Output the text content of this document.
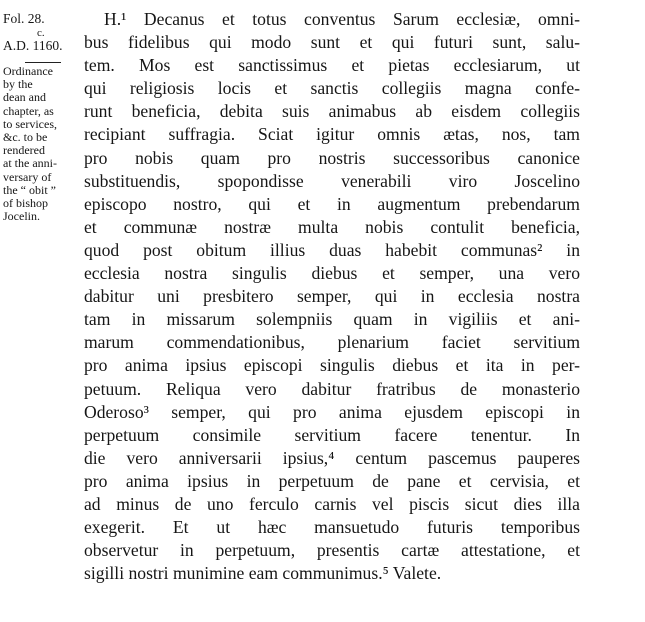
Fol. 28.

c.

A.D. 1160.

Ordinance

by the

dean and

chapter, as

to services,

&c. to be

rendered

at the anni-

versary of

the “ obit ”

of bishop

Jocelin.

H.¹ Decanus et totus conventus Sarum ecclesiæ, omni-

bus fidelibus qui modo sunt et qui futuri sunt, salu-

tem. Mos est sanctissimus et pietas ecclesiarum, ut

qui religiosis locis et sanctis collegiis magna confe-

runt beneficia, debita suis animabus ab eisdem collegiis

recipiant suffragia. Sciat igitur omnis ætas, nos, tam

pro nobis quam pro nostris successoribus canonice

substituendis, spopondisse venerabili viro Joscelino

episcopo nostro, qui et in augmentum prebendarum

et communæ nostræ multa nobis contulit beneficia,

quod post obitum illius duas habebit communas² in

ecclesia nostra singulis diebus et semper, una vero

dabitur uni presbitero semper, qui in ecclesia nostra

tam in missarum solempniis quam in vigiliis et ani-

marum commendationibus, plenarium faciet servitium

pro anima ipsius episcopi singulis diebus et ita in per-

petuum. Reliqua vero dabitur fratribus de monasterio

Oderoso³ semper, qui pro anima ejusdem episcopi in

perpetuum consimile servitium facere tenentur. In

die vero anniversarii ipsius,⁴ centum pascemus pauperes

pro anima ipsius in perpetuum de pane et cervisia, et

ad minus de uno ferculo carnis vel piscis sicut dies illa

exegerit. Et ut hæc mansuetudo futuris temporibus

observetur in perpetuum, presentis cartæ attestatione, et

sigilli nostri munimine eam communimus.⁵ Valete.
